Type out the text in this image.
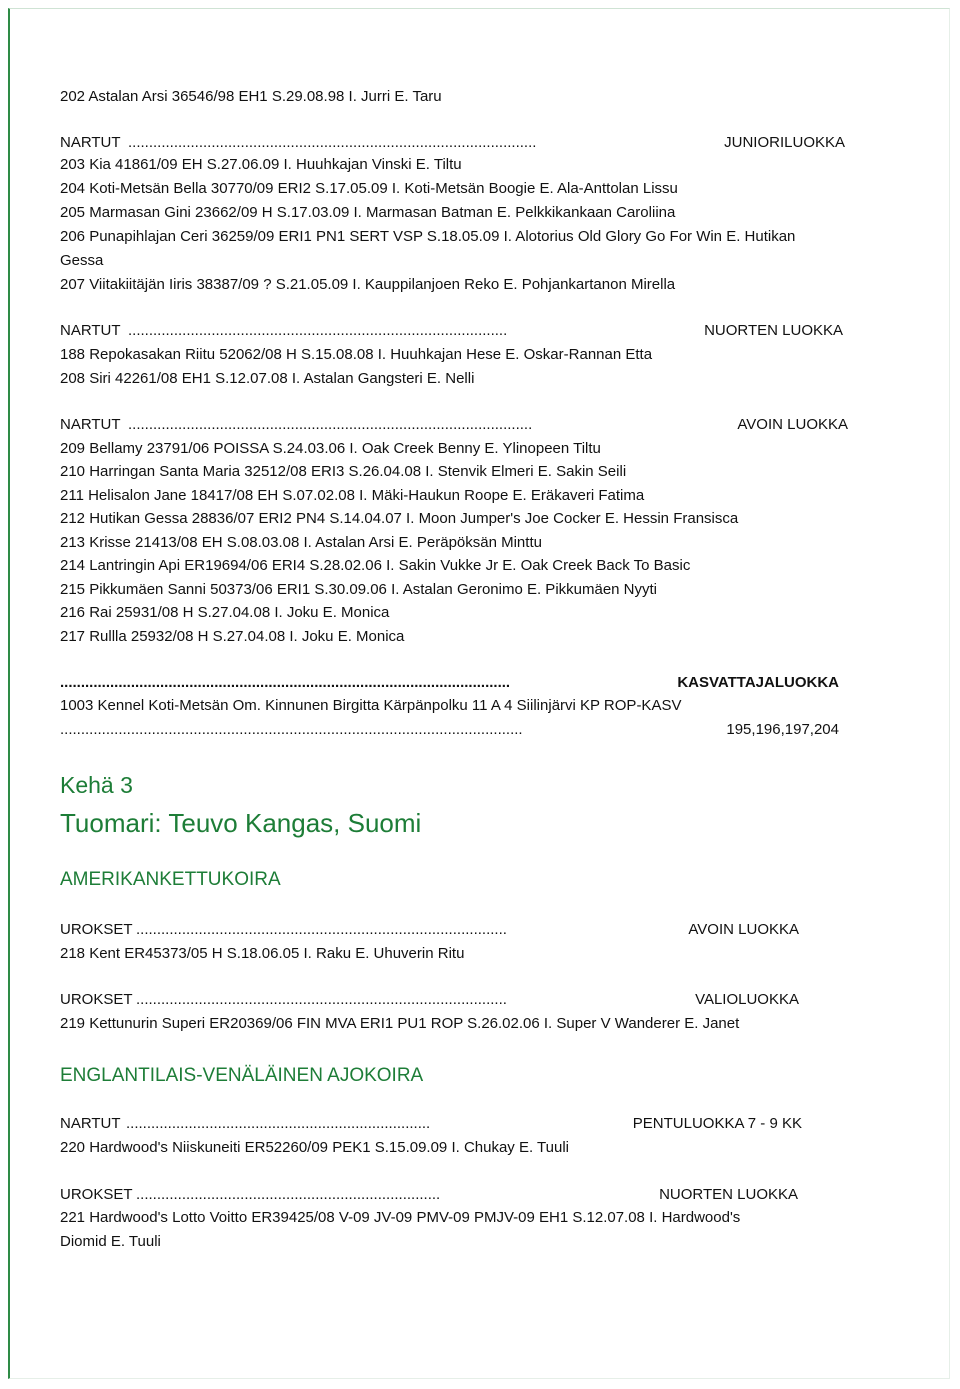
202 Astalan Arsi 36546/98 EH1 S.29.08.98 I. Jurri E. Taru
NARTUT ..................................................................................................	JUNIORILUOKKA
203 Kia 41861/09 EH S.27.06.09 I. Huuhkajan Vinski E. Tiltu
204 Koti-Metsän Bella 30770/09 ERI2 S.17.05.09 I. Koti-Metsän Boogie E. Ala-Anttolan Lissu
205 Marmasan Gini 23662/09 H S.17.03.09 I. Marmasan Batman E. Pelkkikankaan Caroliina
206 Punapihlajan Ceri 36259/09 ERI1 PN1 SERT VSP S.18.05.09 I. Alotorius Old Glory Go For Win E. Hutikan
Gessa
207 Viitakiitäjän Iiris 38387/09 ? S.21.05.09 I. Kauppilanjoen Reko E. Pohjankartanon Mirella
NARTUT ...........................................................................................	NUORTEN LUOKKA
188 Repokasakan Riitu 52062/08 H S.15.08.08 I. Huuhkajan Hese E. Oskar-Rannan Etta
208 Siri 42261/08 EH1 S.12.07.08 I. Astalan Gangsteri E. Nelli
NARTUT .................................................................................................	AVOIN LUOKKA
209 Bellamy 23791/06 POISSA S.24.03.06 I. Oak Creek Benny E. Ylinopeen Tiltu
210 Harringan Santa Maria 32512/08 ERI3 S.26.04.08 I. Stenvik Elmeri E. Sakin Seili
211 Helisalon Jane 18417/08 EH S.07.02.08 I. Mäki-Haukun Roope E. Eräkaveri Fatima
212 Hutikan Gessa 28836/07 ERI2 PN4 S.14.04.07 I. Moon Jumper's Joe Cocker E. Hessin Fransisca
213 Krisse 21413/08 EH S.08.03.08 I. Astalan Arsi E. Peräpöksän Minttu
214 Lantringin Api ER19694/06 ERI4 S.28.02.06 I. Sakin Vukke Jr E. Oak Creek Back To Basic
215 Pikkumäen Sanni 50373/06 ERI1 S.30.09.06 I. Astalan Geronimo E. Pikkumäen Nyyti
216 Rai 25931/08 H S.27.04.08 I. Joku E. Monica
217 Rullla 25932/08 H S.27.04.08 I. Joku E. Monica
............................................................................................................	KASVATTAJALUOKKA
1003 Kennel Koti-Metsän Om. Kinnunen Birgitta Kärpänpolku 11 A 4 Siilinjärvi KP ROP-KASV
...............................................................................................................	195,196,197,204
Kehä 3
Tuomari: Teuvo Kangas, Suomi
AMERIKANKETTUKOIRA
UROKSET .........................................................................................	AVOIN LUOKKA
218 Kent ER45373/05 H S.18.06.05 I. Raku E. Uhuverin Ritu
UROKSET .........................................................................................	VALIOLUOKKA
219 Kettunurin Superi ER20369/06 FIN MVA ERI1 PU1 ROP S.26.02.06 I. Super V Wanderer E. Janet
ENGLANTILAIS-VENÄLÄINEN AJOKOIRA
NARTUT .........................................................................	PENTULUOKKA 7 - 9 KK
220 Hardwood's Niiskuneiti ER52260/09 PEK1 S.15.09.09 I. Chukay E. Tuuli
UROKSET .........................................................................	NUORTEN LUOKKA
221 Hardwood's Lotto Voitto ER39425/08 V-09 JV-09 PMV-09 PMJV-09 EH1 S.12.07.08 I. Hardwood's
Diomid E. Tuuli
